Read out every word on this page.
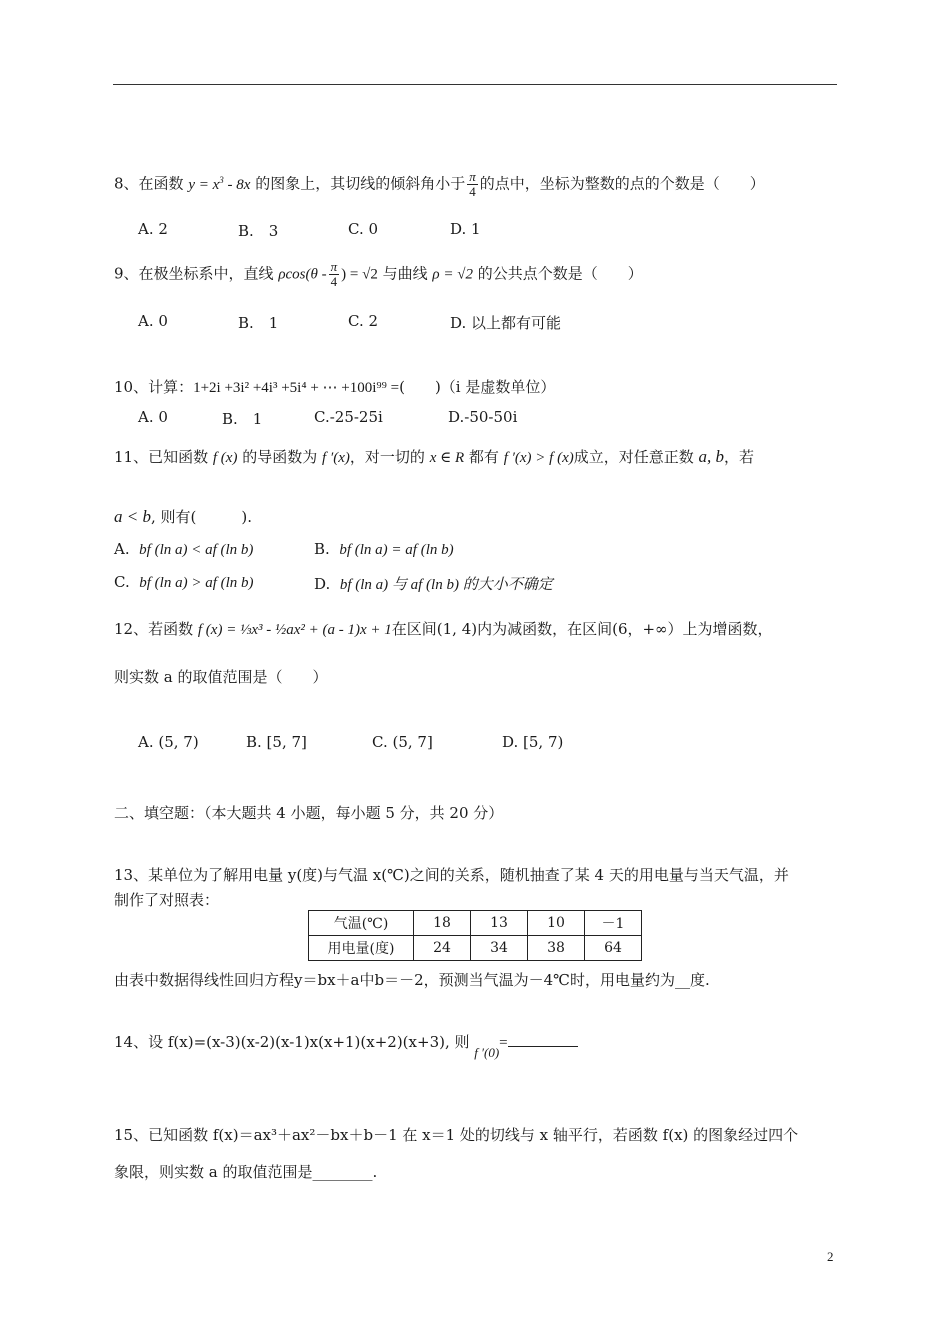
8、在函数 $y = x^3 - 8x$ 的图象上，其切线的倾斜角小于 $\frac{\pi}{4}$ 的点中，坐标为整数的点的个数是（　　）
A. 2	B.　3	C. 0	D. 1
9、在极坐标系中，直线 $\rho\cos(\theta - \frac{\pi}{4}$ ) = √2 与曲线 ρ = √2 的公共点个数是（　　）
A. 0	B.　1	C. 2	D. 以上都有可能
10、计算：1+2i +3i² +4i³ +5i⁴ + ⋯ +100i⁹⁹ =(　　)（i 是虚数单位）
A. 0	B.　1	C.-25-25i	D.-50-50i
11、已知函数 f (x) 的导函数为 f ′(x)，对一切的 x ∈ R 都有 f ′(x) > f (x)成立，对任意正数 a, b，若
a < b, 则有(　　　).
A. bf (ln a) < af (ln b)	B. bf (ln a) = af (ln b)
C. bf (ln a) > af (ln b)	D. bf (ln a) 与 af (ln b) 的大小不确定
12、若函数 f (x) = ⅓x³ - ½ax² + (a - 1)x + 1在区间(1, 4)内为减函数，在区间(6，+∞）上为增函数，
则实数 a 的取值范围是（　　）
A. (5, 7)	B. [5, 7]	C. (5, 7]	D. [5, 7)
二、填空题：（本大题共 4 小题，每小题 5 分，共 20 分）
13、某单位为了解用电量 y(度)与气温 x(℃)之间的关系，随机抽查了某 4 天的用电量与当天气温，并
制作了对照表：
气温(℃)	18	13	10	－1
用电量(度)	24	34	38	64
由表中数据得线性回归方程y＝bx＋a中b＝－2，预测当气温为－4℃时，用电量约为__度.
14、设 f(x)=(x-3)(x-2)(x-1)x(x+1)(x+2)(x+3), 则 f ′(0)=
15、已知函数 f(x)＝ax³＋ax²－bx＋b－1 在 x＝1 处的切线与 x 轴平行，若函数 f(x) 的图象经过四个
象限，则实数 a 的取值范围是________.
2
